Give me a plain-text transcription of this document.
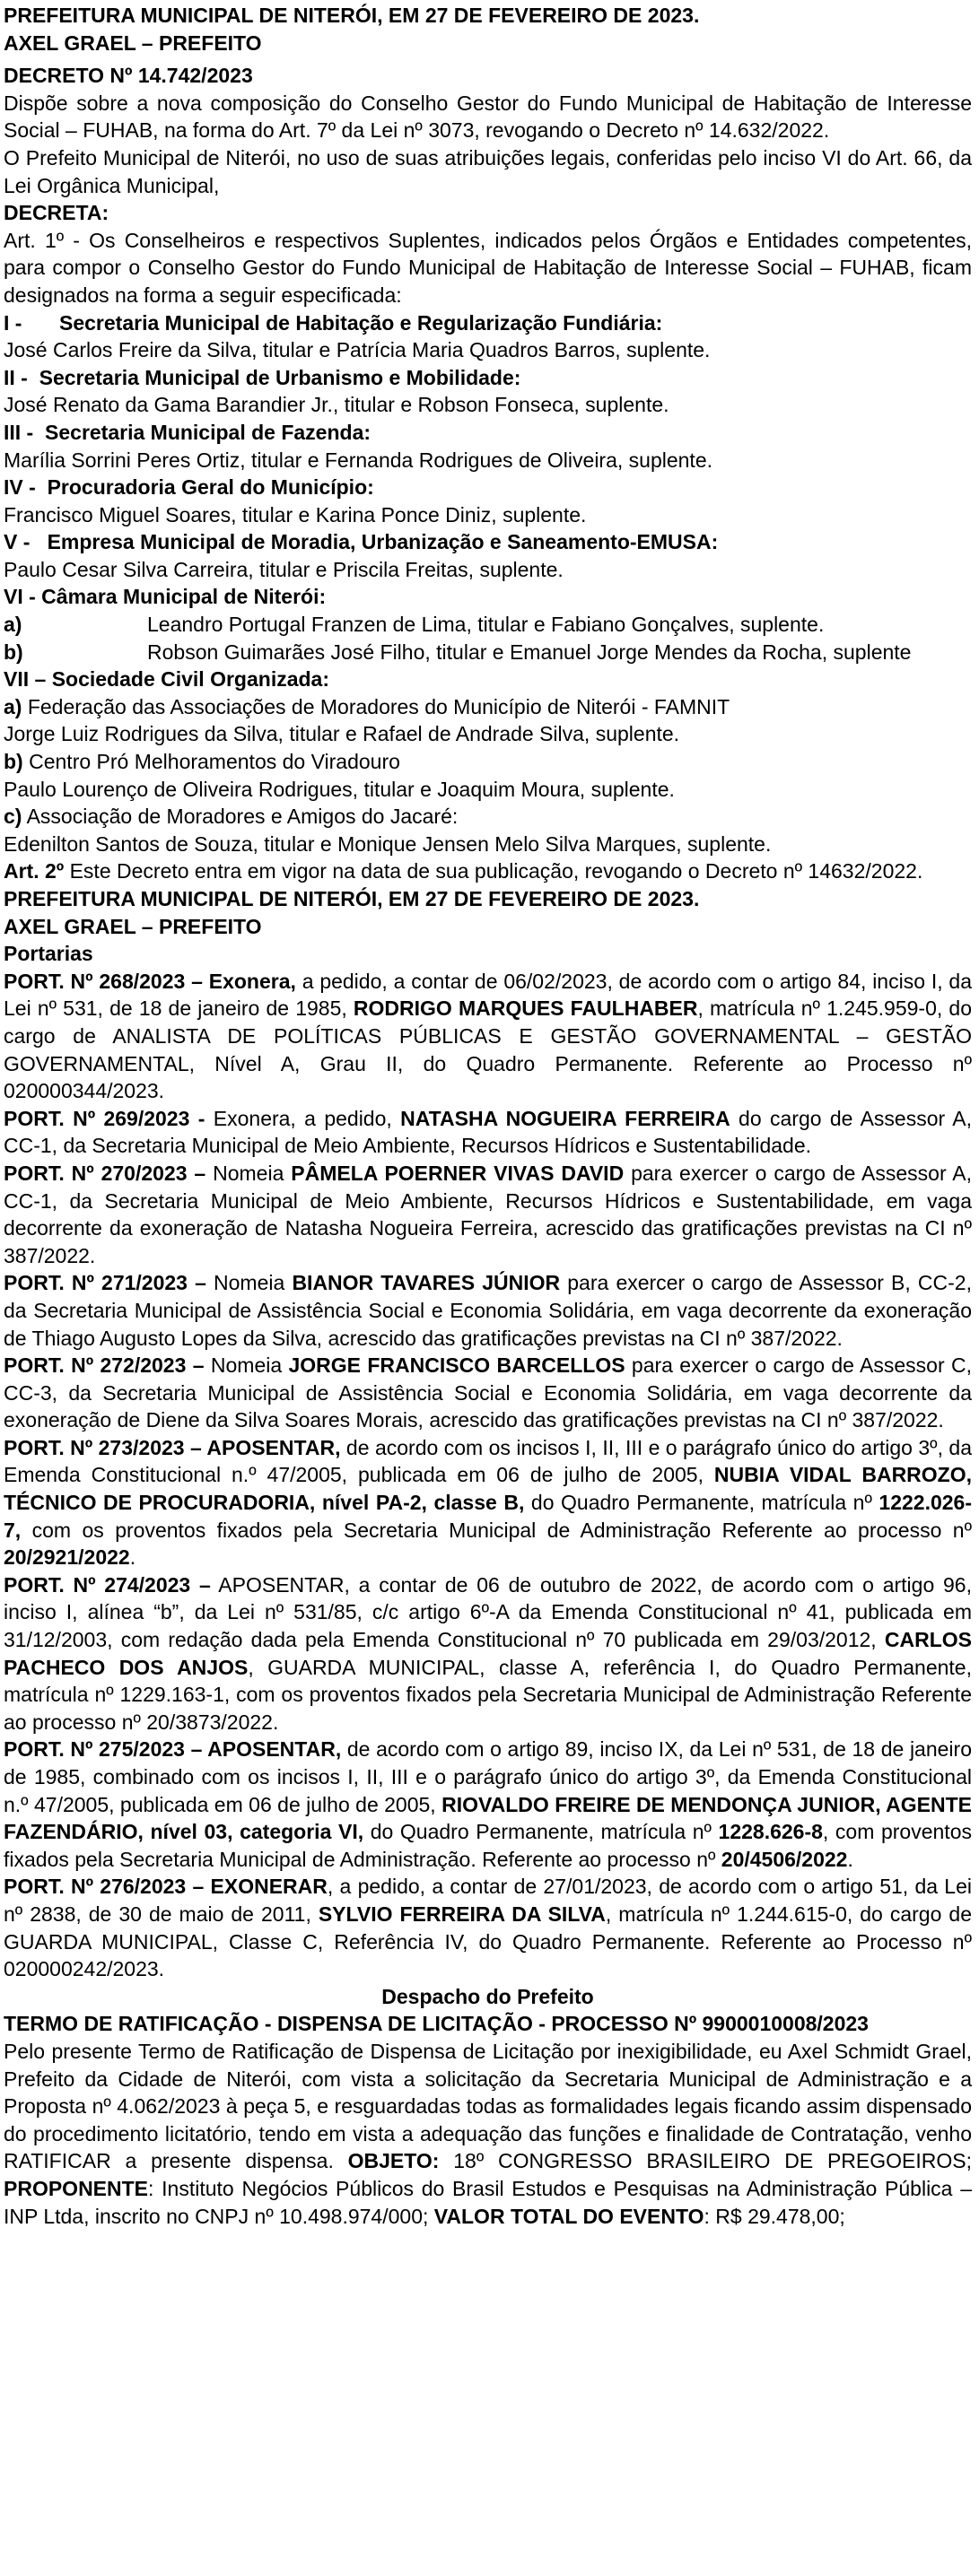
PREFEITURA MUNICIPAL DE NITERÓI, EM 27 DE FEVEREIRO DE 2023.

AXEL GRAEL – PREFEITO

DECRETO Nº 14.742/2023

Dispõe sobre a nova composição do Conselho Gestor do Fundo Municipal de Habitação de Interesse Social – FUHAB, na forma do Art. 7º da Lei nº 3073, revogando o Decreto nº 14.632/2022.

O Prefeito Municipal de Niterói, no uso de suas atribuições legais, conferidas pelo inciso VI do Art. 66, da Lei Orgânica Municipal,

DECRETA:

Art. 1º - Os Conselheiros e respectivos Suplentes, indicados pelos Órgãos e Entidades competentes, para compor o Conselho Gestor do Fundo Municipal de Habitação de Interesse Social – FUHAB, ficam designados na forma a seguir especificada:

I -	Secretaria Municipal de Habitação e Regularização Fundiária:

José Carlos Freire da Silva, titular e Patrícia Maria Quadros Barros, suplente.

II - Secretaria Municipal de Urbanismo e Mobilidade:

José Renato da Gama Barandier Jr., titular e Robson Fonseca, suplente.

III - Secretaria Municipal de Fazenda:

Marília Sorrini Peres Ortiz, titular e Fernanda Rodrigues de Oliveira, suplente.

IV - Procuradoria Geral do Município:

Francisco Miguel Soares, titular e Karina Ponce Diniz, suplente.

V - Empresa Municipal de Moradia, Urbanização e Saneamento-EMUSA:

Paulo Cesar Silva Carreira, titular e Priscila Freitas, suplente.

VI - Câmara Municipal de Niterói:

a)	Leandro Portugal Franzen de Lima, titular e Fabiano Gonçalves, suplente.
b)	Robson Guimarães José Filho, titular e Emanuel Jorge Mendes da Rocha, suplente

VII – Sociedade Civil Organizada:

a) Federação das Associações de Moradores do Município de Niterói - FAMNIT

Jorge Luiz Rodrigues da Silva, titular e Rafael de Andrade Silva, suplente.

b) Centro Pró Melhoramentos do Viradouro

Paulo Lourenço de Oliveira Rodrigues, titular e Joaquim Moura, suplente.

c) Associação de Moradores e Amigos do Jacaré:

Edenilton Santos de Souza, titular e Monique Jensen Melo Silva Marques, suplente.

Art. 2º Este Decreto entra em vigor na data de sua publicação, revogando o Decreto nº 14632/2022.

PREFEITURA MUNICIPAL DE NITERÓI, EM 27 DE FEVEREIRO DE 2023.

AXEL GRAEL – PREFEITO

Portarias

PORT. Nº 268/2023 – Exonera, a pedido, a contar de 06/02/2023, de acordo com o artigo 84, inciso I, da Lei nº 531, de 18 de janeiro de 1985, RODRIGO MARQUES FAULHABER, matrícula nº 1.245.959-0, do cargo de ANALISTA DE POLÍTICAS PÚBLICAS E GESTÃO GOVERNAMENTAL – GESTÃO GOVERNAMENTAL, Nível A, Grau II, do Quadro Permanente. Referente ao Processo nº 020000344/2023.

PORT. Nº 269/2023 - Exonera, a pedido, NATASHA NOGUEIRA FERREIRA do cargo de Assessor A, CC-1, da Secretaria Municipal de Meio Ambiente, Recursos Hídricos e Sustentabilidade.

PORT. Nº 270/2023 – Nomeia PÂMELA POERNER VIVAS DAVID para exercer o cargo de Assessor A, CC-1, da Secretaria Municipal de Meio Ambiente, Recursos Hídricos e Sustentabilidade, em vaga decorrente da exoneração de Natasha Nogueira Ferreira, acrescido das gratificações previstas na CI nº 387/2022.

PORT. Nº 271/2023 – Nomeia BIANOR TAVARES JÚNIOR para exercer o cargo de Assessor B, CC-2, da Secretaria Municipal de Assistência Social e Economia Solidária, em vaga decorrente da exoneração de Thiago Augusto Lopes da Silva, acrescido das gratificações previstas na CI nº 387/2022.

PORT. Nº 272/2023 – Nomeia JORGE FRANCISCO BARCELLOS para exercer o cargo de Assessor C, CC-3, da Secretaria Municipal de Assistência Social e Economia Solidária, em vaga decorrente da exoneração de Diene da Silva Soares Morais, acrescido das gratificações previstas na CI nº 387/2022.

PORT. Nº 273/2023 – APOSENTAR, de acordo com os incisos I, II, III e o parágrafo único do artigo 3º, da Emenda Constitucional n.º 47/2005, publicada em 06 de julho de 2005, NUBIA VIDAL BARROZO, TÉCNICO DE PROCURADORIA, nível PA-2, classe B, do Quadro Permanente, matrícula nº 1222.026-7, com os proventos fixados pela Secretaria Municipal de Administração Referente ao processo nº 20/2921/2022.

PORT. Nº 274/2023 – APOSENTAR, a contar de 06 de outubro de 2022, de acordo com o artigo 96, inciso I, alínea “b”, da Lei nº 531/85, c/c artigo 6º-A da Emenda Constitucional nº 41, publicada em 31/12/2003, com redação dada pela Emenda Constitucional nº 70 publicada em 29/03/2012, CARLOS PACHECO DOS ANJOS, GUARDA MUNICIPAL, classe A, referência I, do Quadro Permanente, matrícula nº 1229.163-1, com os proventos fixados pela Secretaria Municipal de Administração Referente ao processo nº 20/3873/2022.

PORT. Nº 275/2023 – APOSENTAR, de acordo com o artigo 89, inciso IX, da Lei nº 531, de 18 de janeiro de 1985, combinado com os incisos I, II, III e o parágrafo único do artigo 3º, da Emenda Constitucional n.º 47/2005, publicada em 06 de julho de 2005, RIOVALDO FREIRE DE MENDONÇA JUNIOR, AGENTE FAZENDÁRIO, nível 03, categoria VI, do Quadro Permanente, matrícula nº 1228.626-8, com proventos fixados pela Secretaria Municipal de Administração. Referente ao processo nº 20/4506/2022.

PORT. Nº 276/2023 – EXONERAR, a pedido, a contar de 27/01/2023, de acordo com o artigo 51, da Lei nº 2838, de 30 de maio de 2011, SYLVIO FERREIRA DA SILVA, matrícula nº 1.244.615-0, do cargo de GUARDA MUNICIPAL, Classe C, Referência IV, do Quadro Permanente. Referente ao Processo nº 020000242/2023.

Despacho do Prefeito

TERMO DE RATIFICAÇÃO - DISPENSA DE LICITAÇÃO - PROCESSO Nº 9900010008/2023

Pelo presente Termo de Ratificação de Dispensa de Licitação por inexigibilidade, eu Axel Schmidt Grael, Prefeito da Cidade de Niterói, com vista a solicitação da Secretaria Municipal de Administração e a Proposta nº 4.062/2023 à peça 5, e resguardadas todas as formalidades legais ficando assim dispensado do procedimento licitatório, tendo em vista a adequação das funções e finalidade de Contratação, venho RATIFICAR a presente dispensa. OBJETO: 18º CONGRESSO BRASILEIRO DE PREGOEIROS; PROPONENTE: Instituto Negócios Públicos do Brasil Estudos e Pesquisas na Administração Pública – INP Ltda, inscrito no CNPJ nº 10.498.974/000; VALOR TOTAL DO EVENTO: R$ 29.478,00;
